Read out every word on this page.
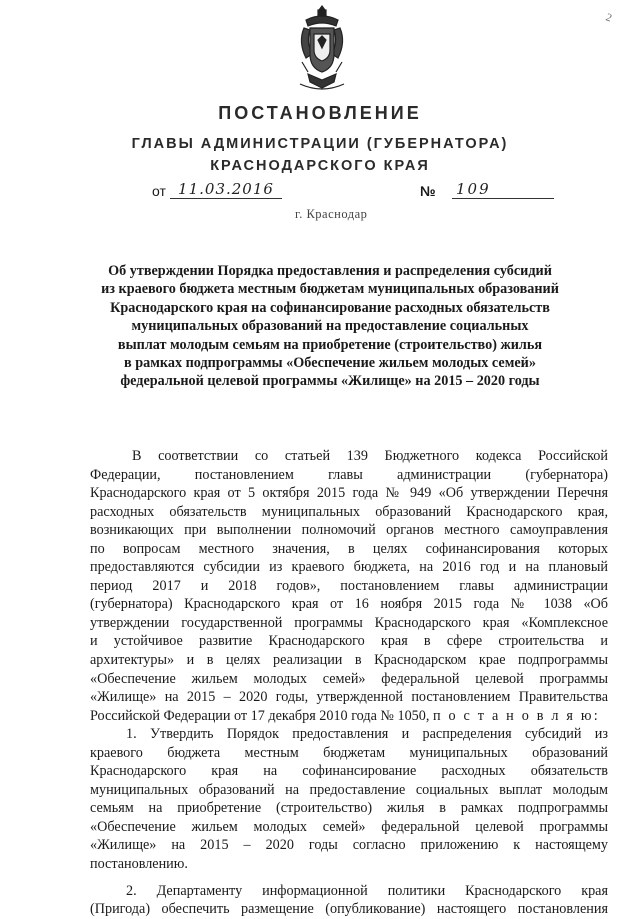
2
ПОСТАНОВЛЕНИЕ
ГЛАВЫ АДМИНИСТРАЦИИ (ГУБЕРНАТОРА)
КРАСНОДАРСКОГО КРАЯ
от 11.03.2016	№ 109
г. Краснодар
Об утверждении Порядка предоставления и распределения субсидий
из краевого бюджета местным бюджетам муниципальных образований
Краснодарского края на софинансирование расходных обязательств
муниципальных образований на предоставление социальных
выплат молодым семьям на приобретение (строительство) жилья
в рамках подпрограммы «Обеспечение жильем молодых семей»
федеральной целевой программы «Жилище» на 2015 – 2020 годы
В соответствии со статьей 139 Бюджетного кодекса Российской
Федерации, постановлением главы администрации (губернатора)
Краснодарского края от 5 октября 2015 года № 949 «Об утверждении Перечня
расходных обязательств муниципальных образований Краснодарского края,
возникающих при выполнении полномочий органов местного самоуправления
по вопросам местного значения, в целях софинансирования которых
предоставляются субсидии из краевого бюджета, на 2016 год и на плановый
период 2017 и 2018 годов», постановлением главы администрации
(губернатора) Краснодарского края от 16 ноября 2015 года № 1038 «Об
утверждении государственной программы Краснодарского края «Комплексное
и устойчивое развитие Краснодарского края в сфере строительства и
архитектуры» и в целях реализации в Краснодарском крае подпрограммы
«Обеспечение жильем молодых семей» федеральной целевой программы
«Жилище» на 2015 – 2020 годы, утвержденной постановлением Правительства
Российской Федерации от 17 декабря 2010 года № 1050, п о с т а н о в л я ю:
1. Утвердить Порядок предоставления и распределения субсидий из
краевого бюджета местным бюджетам муниципальных образований
Краснодарского края на софинансирование расходных обязательств
муниципальных образований на предоставление социальных выплат молодым
семьям на приобретение (строительство) жилья в рамках подпрограммы
«Обеспечение жильем молодых семей» федеральной целевой программы
«Жилище» на 2015 – 2020 годы согласно приложению к настоящему
постановлению.
2. Департаменту информационной политики Краснодарского края
(Пригода) обеспечить размещение (опубликование) настоящего постановления
